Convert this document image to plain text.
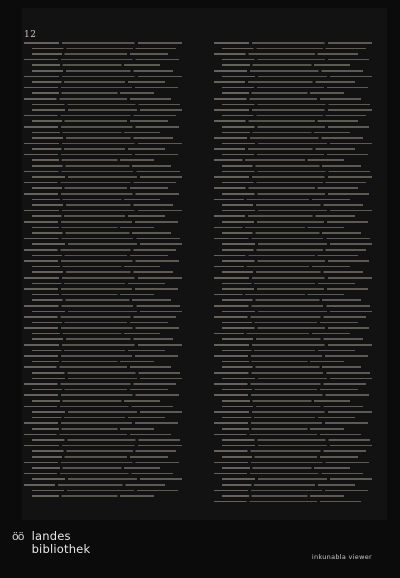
12
öö landes
bibliothek
inkunabla viewer
